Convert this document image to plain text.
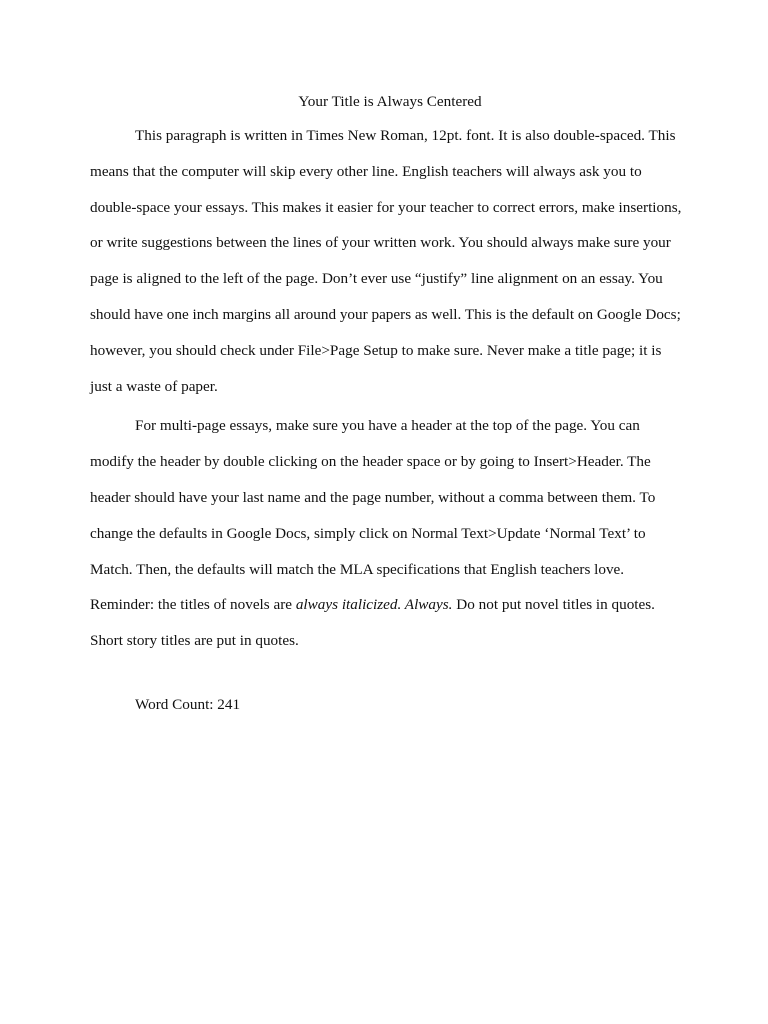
Your Title is Always Centered
This paragraph is written in Times New Roman, 12pt. font. It is also double-spaced. This
means that the computer will skip every other line. English teachers will always ask you to
double-space your essays. This makes it easier for your teacher to correct errors, make insertions,
or write suggestions between the lines of your written work. You should always make sure your
page is aligned to the left of the page. Don’t ever use “justify” line alignment on an essay. You
should have one inch margins all around your papers as well. This is the default on Google Docs;
however, you should check under File>Page Setup to make sure. Never make a title page; it is
just a waste of paper.
For multi-page essays, make sure you have a header at the top of the page. You can
modify the header by double clicking on the header space or by going to Insert>Header. The
header should have your last name and the page number, without a comma between them. To
change the defaults in Google Docs, simply click on Normal Text>Update ‘Normal Text’ to
Match. Then, the defaults will match the MLA specifications that English teachers love.
Reminder: the titles of novels are always italicized. Always. Do not put novel titles in quotes.
Short story titles are put in quotes.
Word Count: 241
